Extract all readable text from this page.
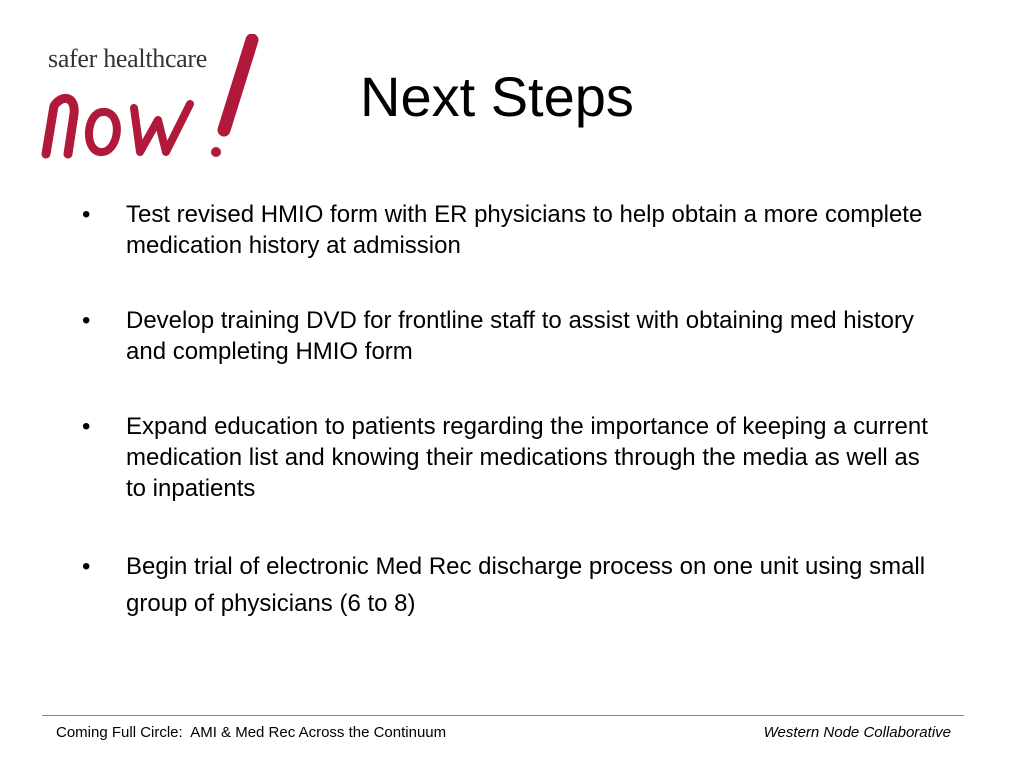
safer healthcare
Next Steps
• Test revised HMIO form with ER physicians to help obtain a more complete medication history at admission
• Develop training DVD for frontline staff to assist with obtaining med history and completing HMIO form
• Expand education to patients regarding the importance of keeping a current medication list and knowing their medications through the media as well as to inpatients
• Begin trial of electronic Med Rec discharge process on one unit using small group of physicians (6 to 8)
Coming Full Circle:  AMI & Med Rec Across the Continuum	Western Node Collaborative
